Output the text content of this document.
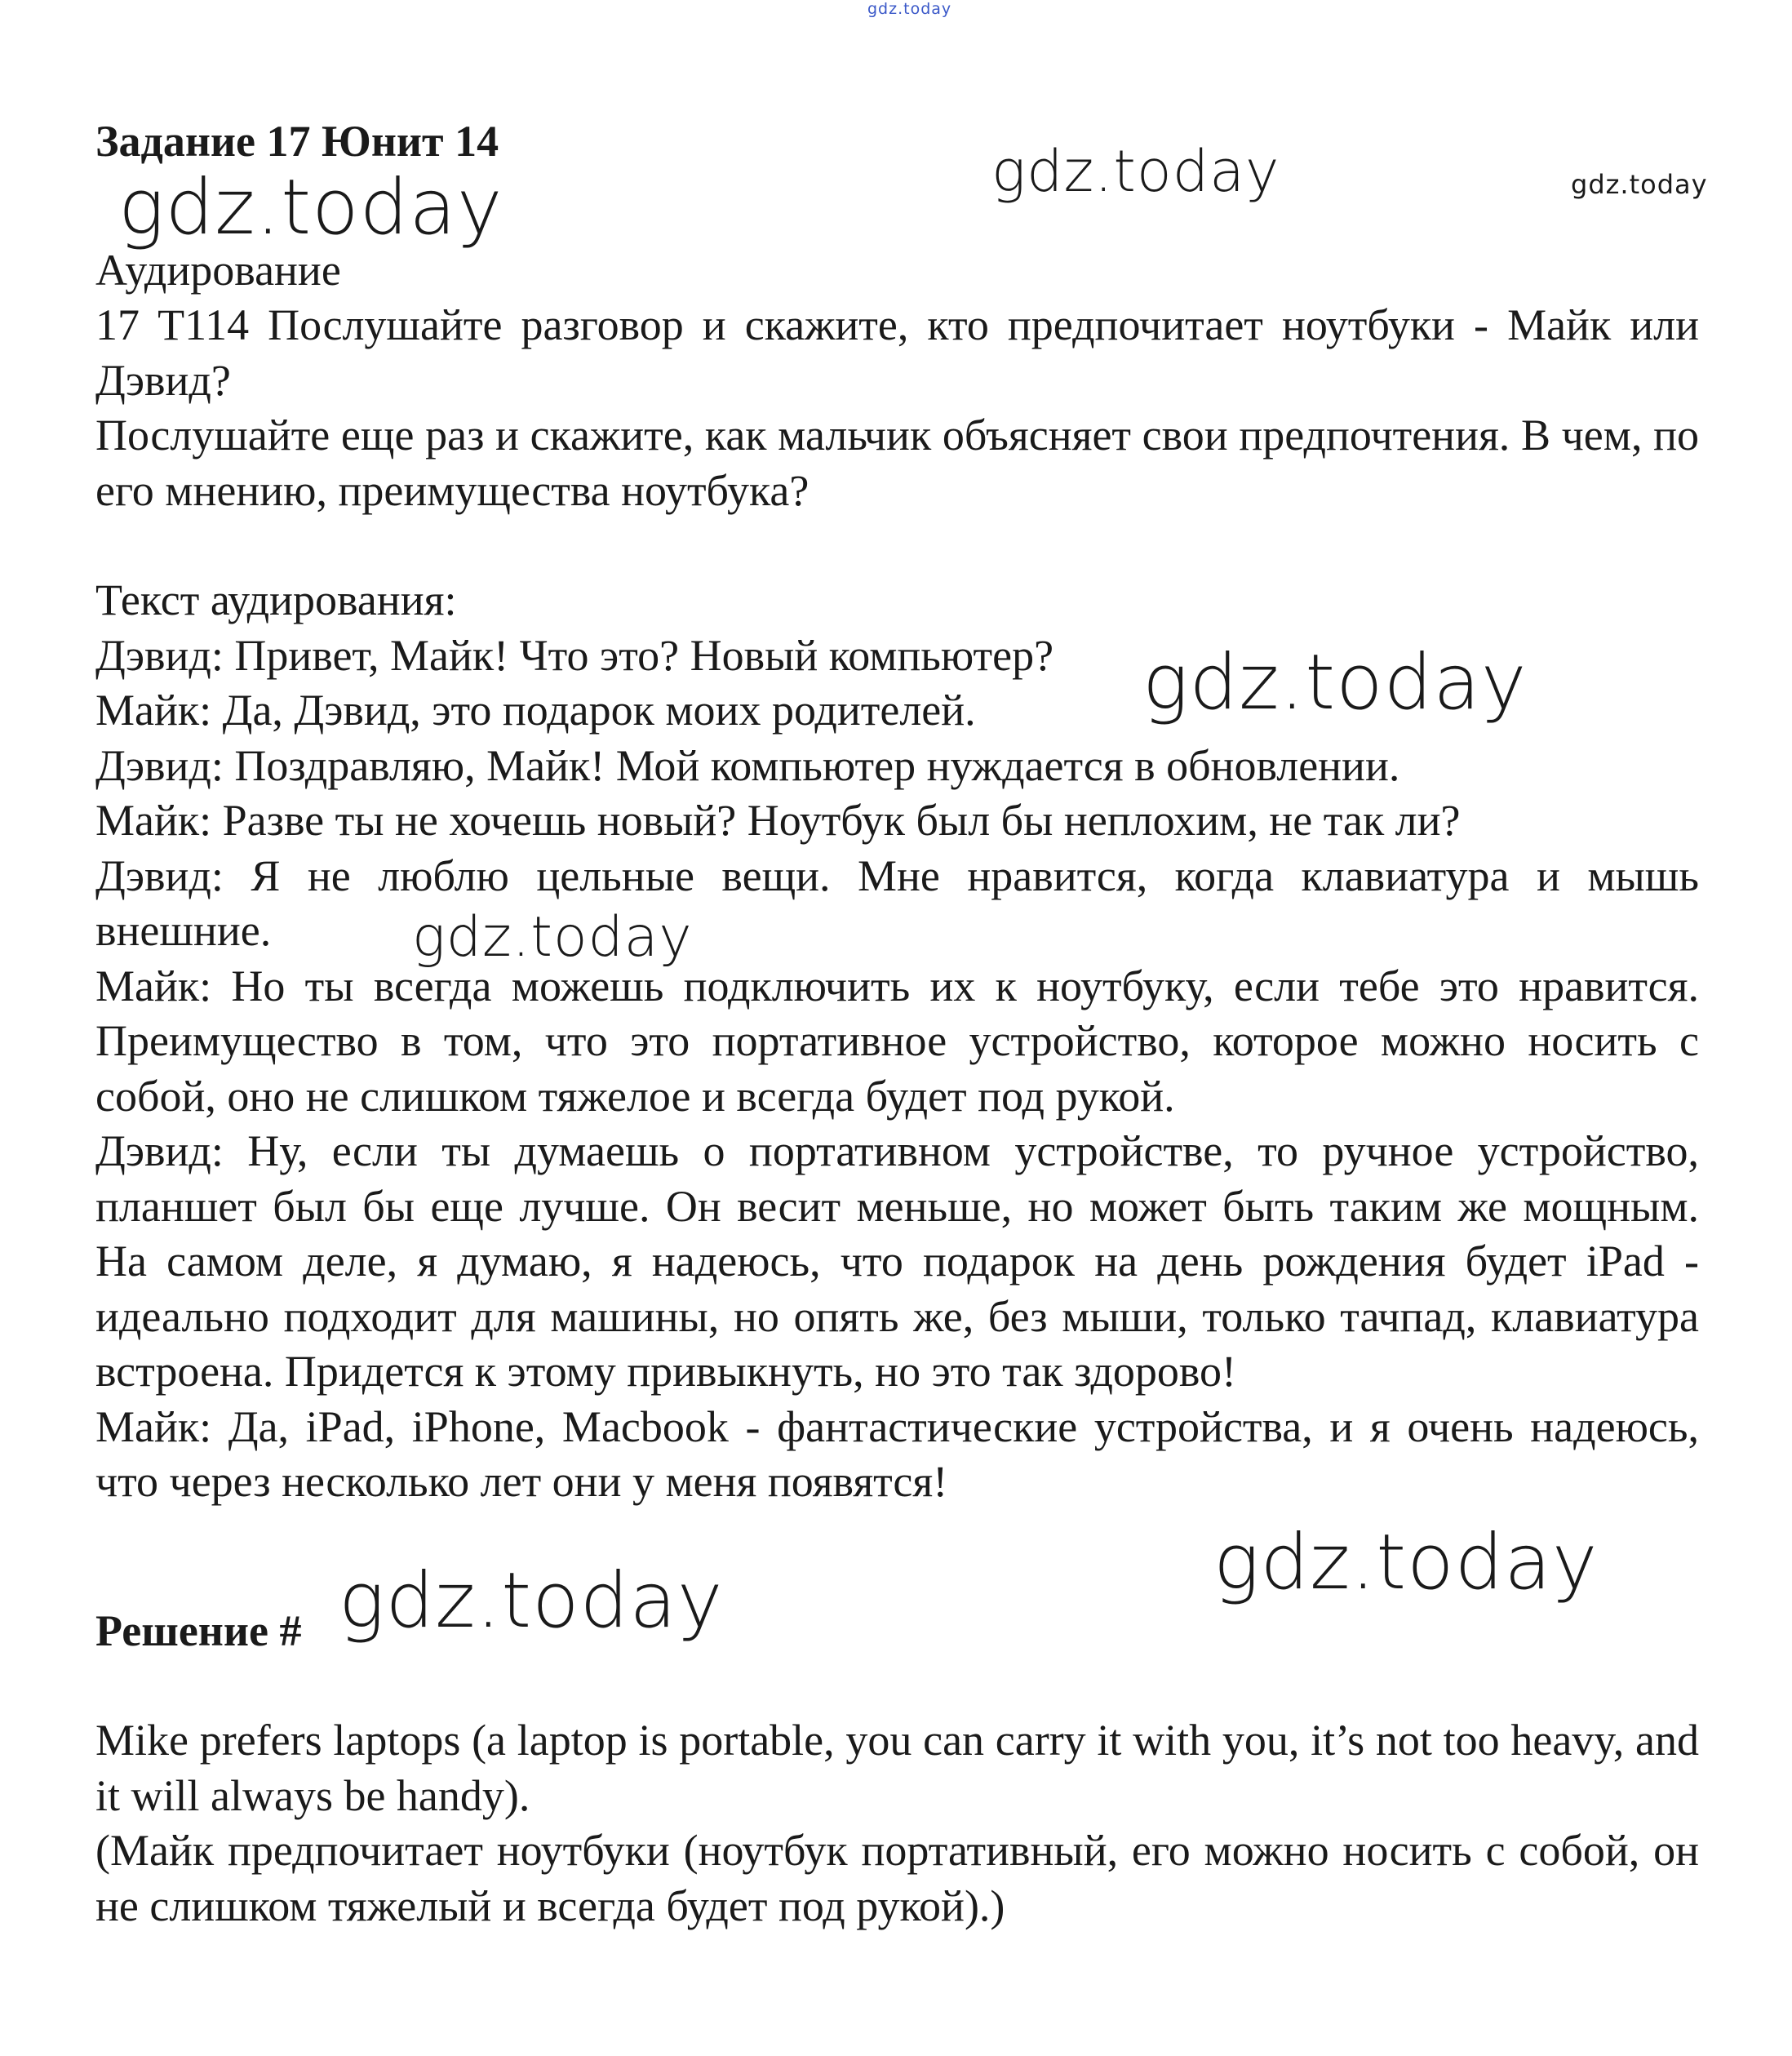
Задание 17 Юнит 14

Аудирование

17 T114 Послушайте разговор и скажите, кто предпочитает ноутбуки - Майк или Дэвид?

Послушайте еще раз и скажите, как мальчик объясняет свои предпочтения. В чем, по его мнению, преимущества ноутбука?

Текст аудирования:

Дэвид: Привет, Майк! Что это? Новый компьютер?

Майк: Да, Дэвид, это подарок моих родителей.

Дэвид: Поздравляю, Майк! Мой компьютер нуждается в обновлении.

Майк: Разве ты не хочешь новый? Ноутбук был бы неплохим, не так ли?

Дэвид: Я не люблю цельные вещи. Мне нравится, когда клавиатура и мышь внешние.

Майк: Но ты всегда можешь подключить их к ноутбуку, если тебе это нравится. Преимущество в том, что это портативное устройство, которое можно носить с собой, оно не слишком тяжелое и всегда будет под рукой.

Дэвид: Ну, если ты думаешь о портативном устройстве, то ручное устройство, планшет был бы еще лучше. Он весит меньше, но может быть таким же мощным. На самом деле, я думаю, я надеюсь, что подарок на день рождения будет iPad - идеально подходит для машины, но опять же, без мыши, только тачпад, клавиатура встроена. Придется к этому привыкнуть, но это так здорово!

Майк: Да, iPad, iPhone, Macbook - фантастические устройства, и я очень надеюсь, что через несколько лет они у меня появятся!

Решение #

Mike prefers laptops (a laptop is portable, you can carry it with you, it’s not too heavy, and it will always be handy).

(Майк предпочитает ноутбуки (ноутбук портативный, его можно носить с собой, он не слишком тяжелый и всегда будет под рукой).)

gdz.today
gdz.today	gdz.today	gdz.today
gdz.today
gdz.today
gdz.today
gdz.today
